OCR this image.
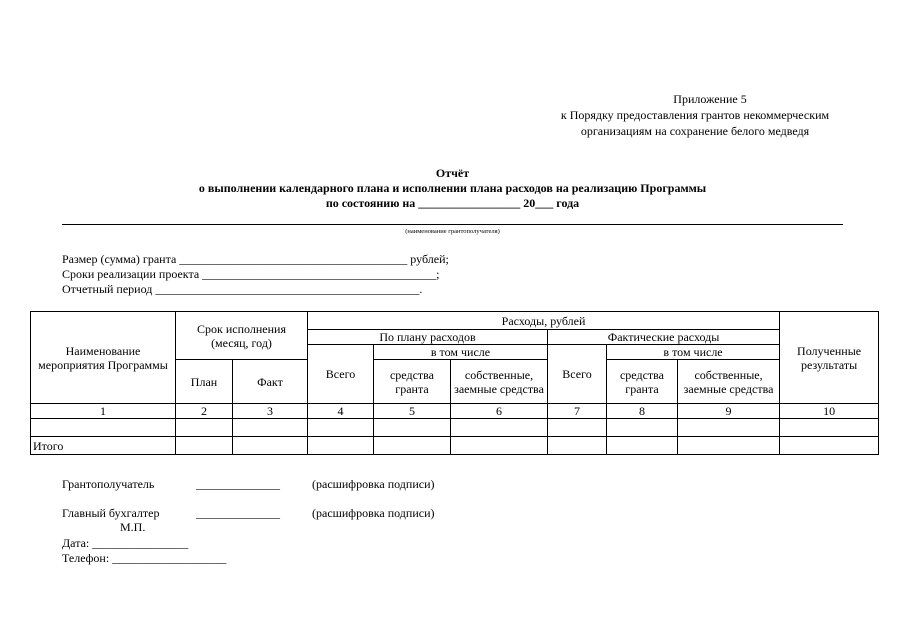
Приложение 5
к Порядку предоставления грантов некоммерческим
организациям на сохранение белого медведя
Отчёт
о выполнении календарного плана и исполнении плана расходов на реализацию Программы
по состоянию на _________________ 20___ года
(наименование грантополучателя)
Размер (сумма) гранта ______________________________________ рублей;
Сроки реализации проекта _______________________________________;
Отчетный период ____________________________________________.
Наименование мероприятия Программы	Срок исполнения (месяц, год)		Расходы, рублей						Полученные результаты
			По плану расходов			Фактические расходы			
			Всего	в том числе		Всего	в том числе		
	План	Факт		средства гранта	собственные, заемные средства		средства гранта	собственные, заемные средства	
1	2	3	4	5	6	7	8	9	10

Итого									
Грантополучатель	______________	(расшифровка подписи)
Главный бухгалтер	______________	(расшифровка подписи)
М.П.
Дата: ________________
Телефон: ___________________
